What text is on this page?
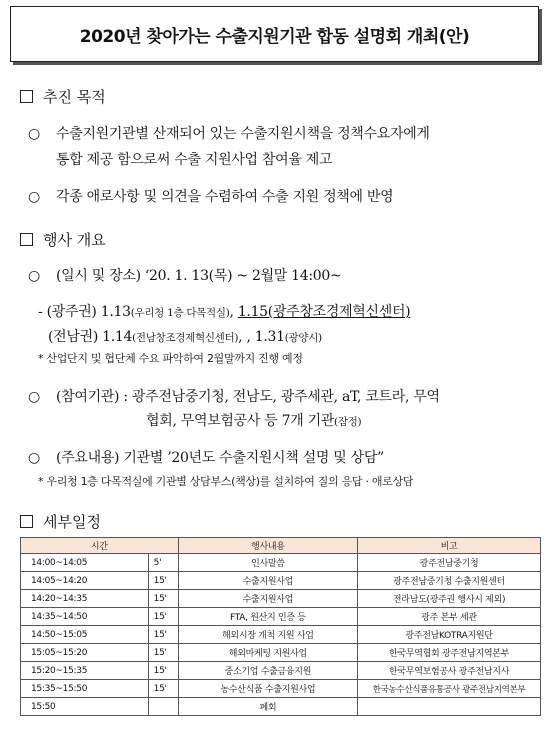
2020년 찾아가는 수출지원기관 합동 설명회 개최(안)
추진 목적
○ 수출지원기관별 산재되어 있는 수출지원시책을 정책수요자에게
통합 제공 함으로써 수출 지원사업 참여율 제고
○ 각종 애로사항 및 의견을 수렴하여 수출 지원 정책에 반영
행사 개요
○ (일시 및 장소) ‘20. 1. 13(목) ~ 2월말 14:00~
- (광주권) 1.13(우리청 1층 다목적실), 1.15(광주창조경제혁신센터)
(전남권) 1.14(전남창조경제혁신센터), , 1.31(광양시)
* 산업단지 및 협단체 수요 파악하여 2월말까지 진행 예정
○ (참여기관) : 광주전남중기청, 전남도, 광주세관, aT, 코트라, 무역
협회, 무역보험공사 등 7개 기관(잠정)
○ (주요내용) 기관별 ’20년도 수출지원시책 설명 및 상담”
* 우리청 1층 다목적실에 기관별 상담부스(책상)를 설치하여 질의 응답 · 애로상담
세부일정
시간		행사내용	비고
14:00~14:05	5'	인사말씀	광주전남중기청
14:05~14:20	15'	수출지원사업	광주전남중기청 수출지원센터
14:20~14:35	15'	수출지원사업	전라남도(광주권 행사시 제외)
14:35~14:50	15'	FTA, 원산지 인증 등	광주 본부 세관
14:50~15:05	15'	해외시장 개척 지원 사업	광주전남KOTRA지원단
15:05~15:20	15'	해외마케팅 지원사업	한국무역협회 광주전남지역본부
15:20~15:35	15'	중소기업 수출금융지원	한국무역보험공사 광주전남지사
15:35~15:50	15'	농수산식품 수출지원사업	한국농수산식품유통공사 광주전남지역본부
15:50		폐회	
